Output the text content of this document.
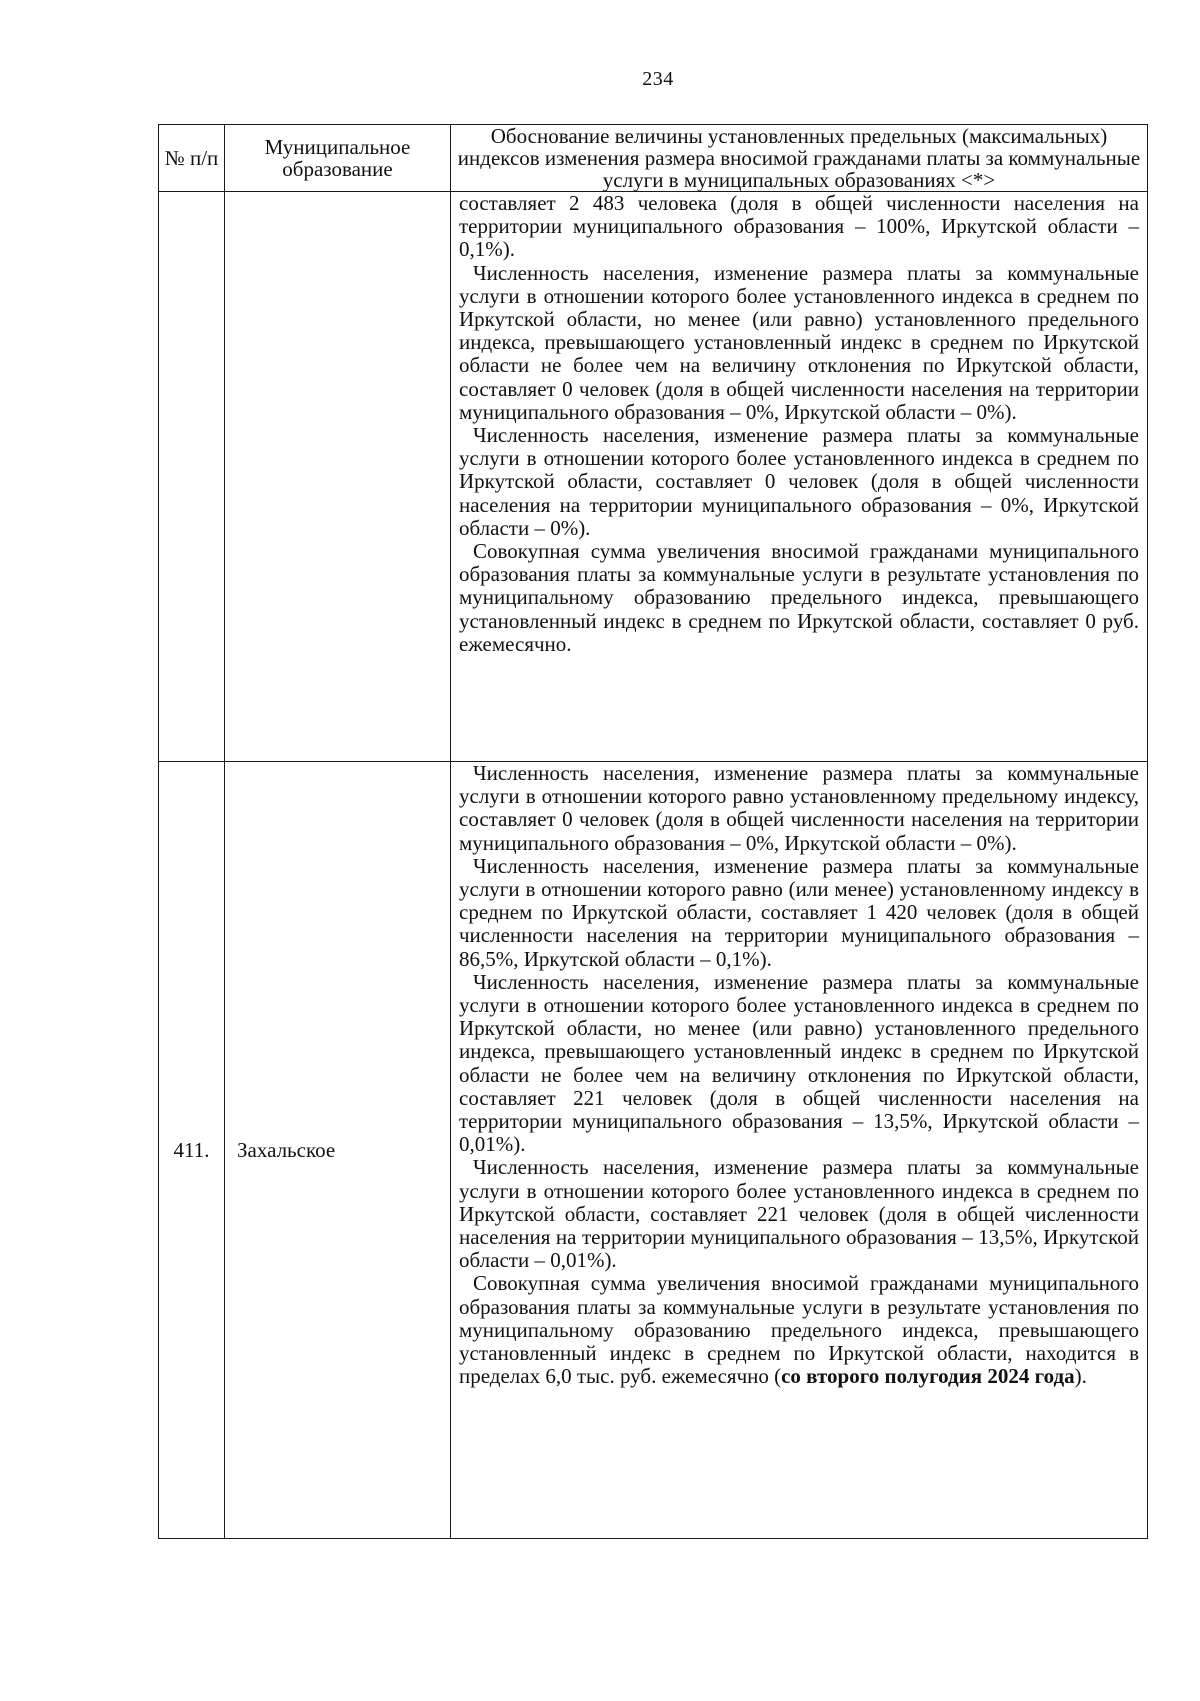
234
№ п/п	Муниципальное образование	Обоснование величины установленных предельных (максимальных) индексов изменения размера вносимой гражданами платы за коммунальные услуги в муниципальных образованиях <*>

		составляет 2 483 человека (доля в общей численности населения на территории муниципального образования – 100%, Иркутской области – 0,1%).

Численность населения, изменение размера платы за коммунальные услуги в отношении которого более установленного индекса в среднем по Иркутской области, но менее (или равно) установленного предельного индекса, превышающего установленный индекс в среднем по Иркутской области не более чем на величину отклонения по Иркутской области, составляет 0 человек (доля в общей численности населения на территории муниципального образования – 0%, Иркутской области – 0%).

Численность населения, изменение размера платы за коммунальные услуги в отношении которого более установленного индекса в среднем по Иркутской области, составляет 0 человек (доля в общей численности населения на территории муниципального образования – 0%, Иркутской области – 0%).

Совокупная сумма увеличения вносимой гражданами муниципального образования платы за коммунальные услуги в результате установления по муниципальному образованию предельного индекса, превышающего установленный индекс в среднем по Иркутской области, составляет 0 руб. ежемесячно.

411.	Захальское	Численность населения, изменение размера платы за коммунальные услуги в отношении которого равно установленному предельному индексу, составляет 0 человек (доля в общей численности населения на территории муниципального образования – 0%, Иркутской области – 0%).

Численность населения, изменение размера платы за коммунальные услуги в отношении которого равно (или менее) установленному индексу в среднем по Иркутской области, составляет 1 420 человек (доля в общей численности населения на территории муниципального образования – 86,5%, Иркутской области – 0,1%).

Численность населения, изменение размера платы за коммунальные услуги в отношении которого более установленного индекса в среднем по Иркутской области, но менее (или равно) установленного предельного индекса, превышающего установленный индекс в среднем по Иркутской области не более чем на величину отклонения по Иркутской области, составляет 221 человек (доля в общей численности населения на территории муниципального образования – 13,5%, Иркутской области – 0,01%).

Численность населения, изменение размера платы за коммунальные услуги в отношении которого более установленного индекса в среднем по Иркутской области, составляет 221 человек (доля в общей численности населения на территории муниципального образования – 13,5%, Иркутской области – 0,01%).

Совокупная сумма увеличения вносимой гражданами муниципального образования платы за коммунальные услуги в результате установления по муниципальному образованию предельного индекса, превышающего установленный индекс в среднем по Иркутской области, находится в пределах 6,0 тыс. руб. ежемесячно (со второго полугодия 2024 года).
